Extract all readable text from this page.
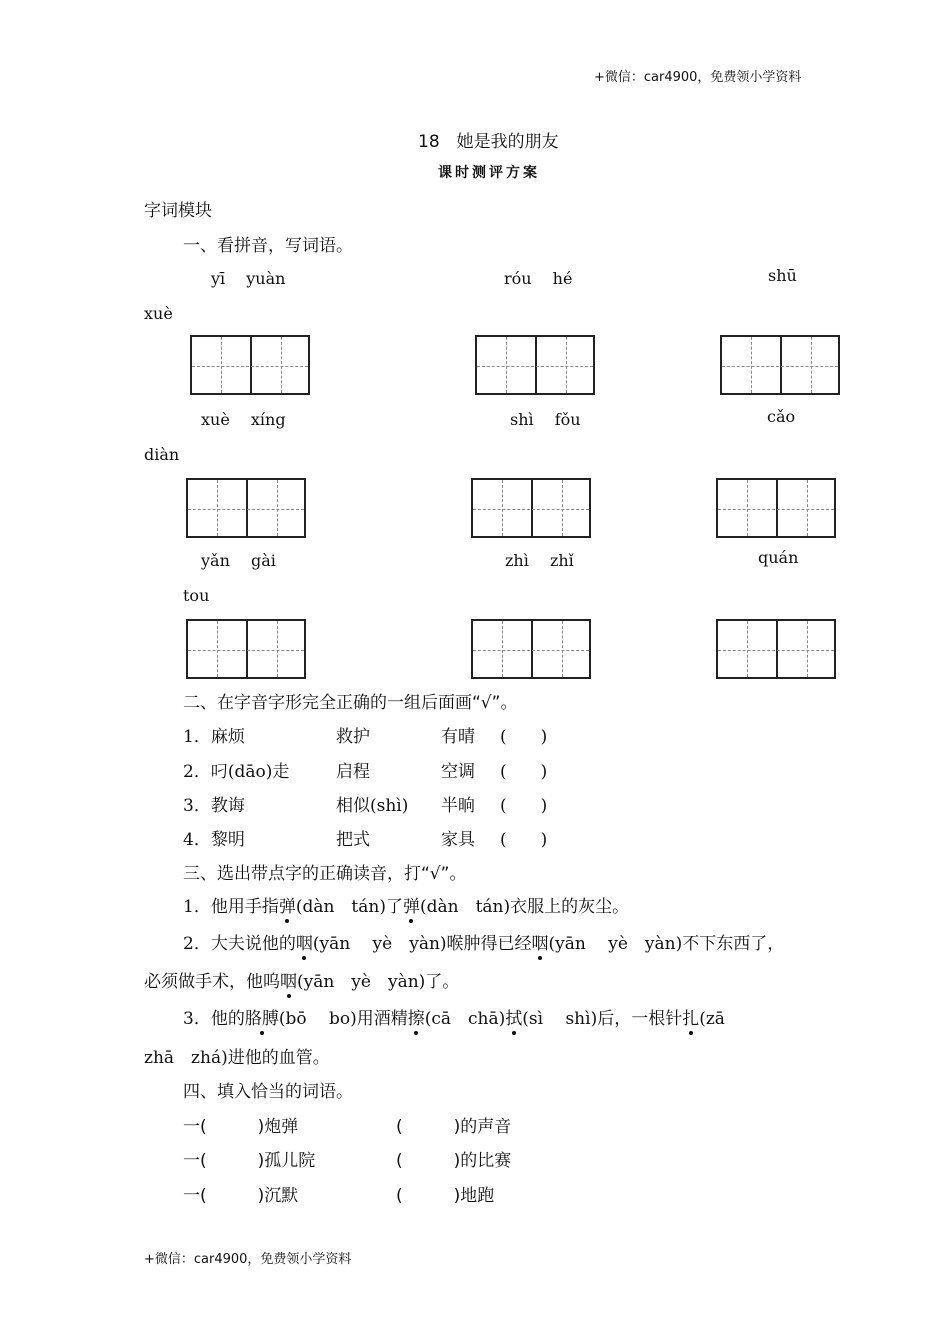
+微信：car4900，免费领小学资料
18　她是我的朋友
课时测评方案
字词模块
一、看拼音，写词语。
yī　 yuàn	róu　 hé	shū
xuè
xuè　 xíng	shì　 fǒu	cǎo
diàn
yǎn　 gài	zhì　 zhǐ	quán
tou
二、在字音字形完全正确的一组后面画“√”。
1．麻烦	救护	有晴 (　　)
2．叼(dāo)走	启程	空调 (　　)
3．教诲	相似(shì) 半晌 (　　)
4．黎明	把式	家具 (　　)
三、选出带点字的正确读音，打“√”。
1．他用手指弹(dàn　tán)了弹(dàn　tán)衣服上的灰尘。
2．大夫说他的咽(yān　 yè　yàn)喉肿得已经咽(yān　 yè　yàn)不下东西了，
必须做手术，他呜咽(yān　yè　yàn)了。
3．他的胳膊(bō　 bo)用酒精擦(cā　chā)拭(sì　 shì)后，一根针扎(zā
zhā　zhá)进他的血管。
四、填入恰当的词语。
一(　　　)炮弹	(　　　)的声音
一(　　　)孤儿院	(　　　)的比赛
一(　　　)沉默	(　　　)地跑
+微信：car4900，免费领小学资料
